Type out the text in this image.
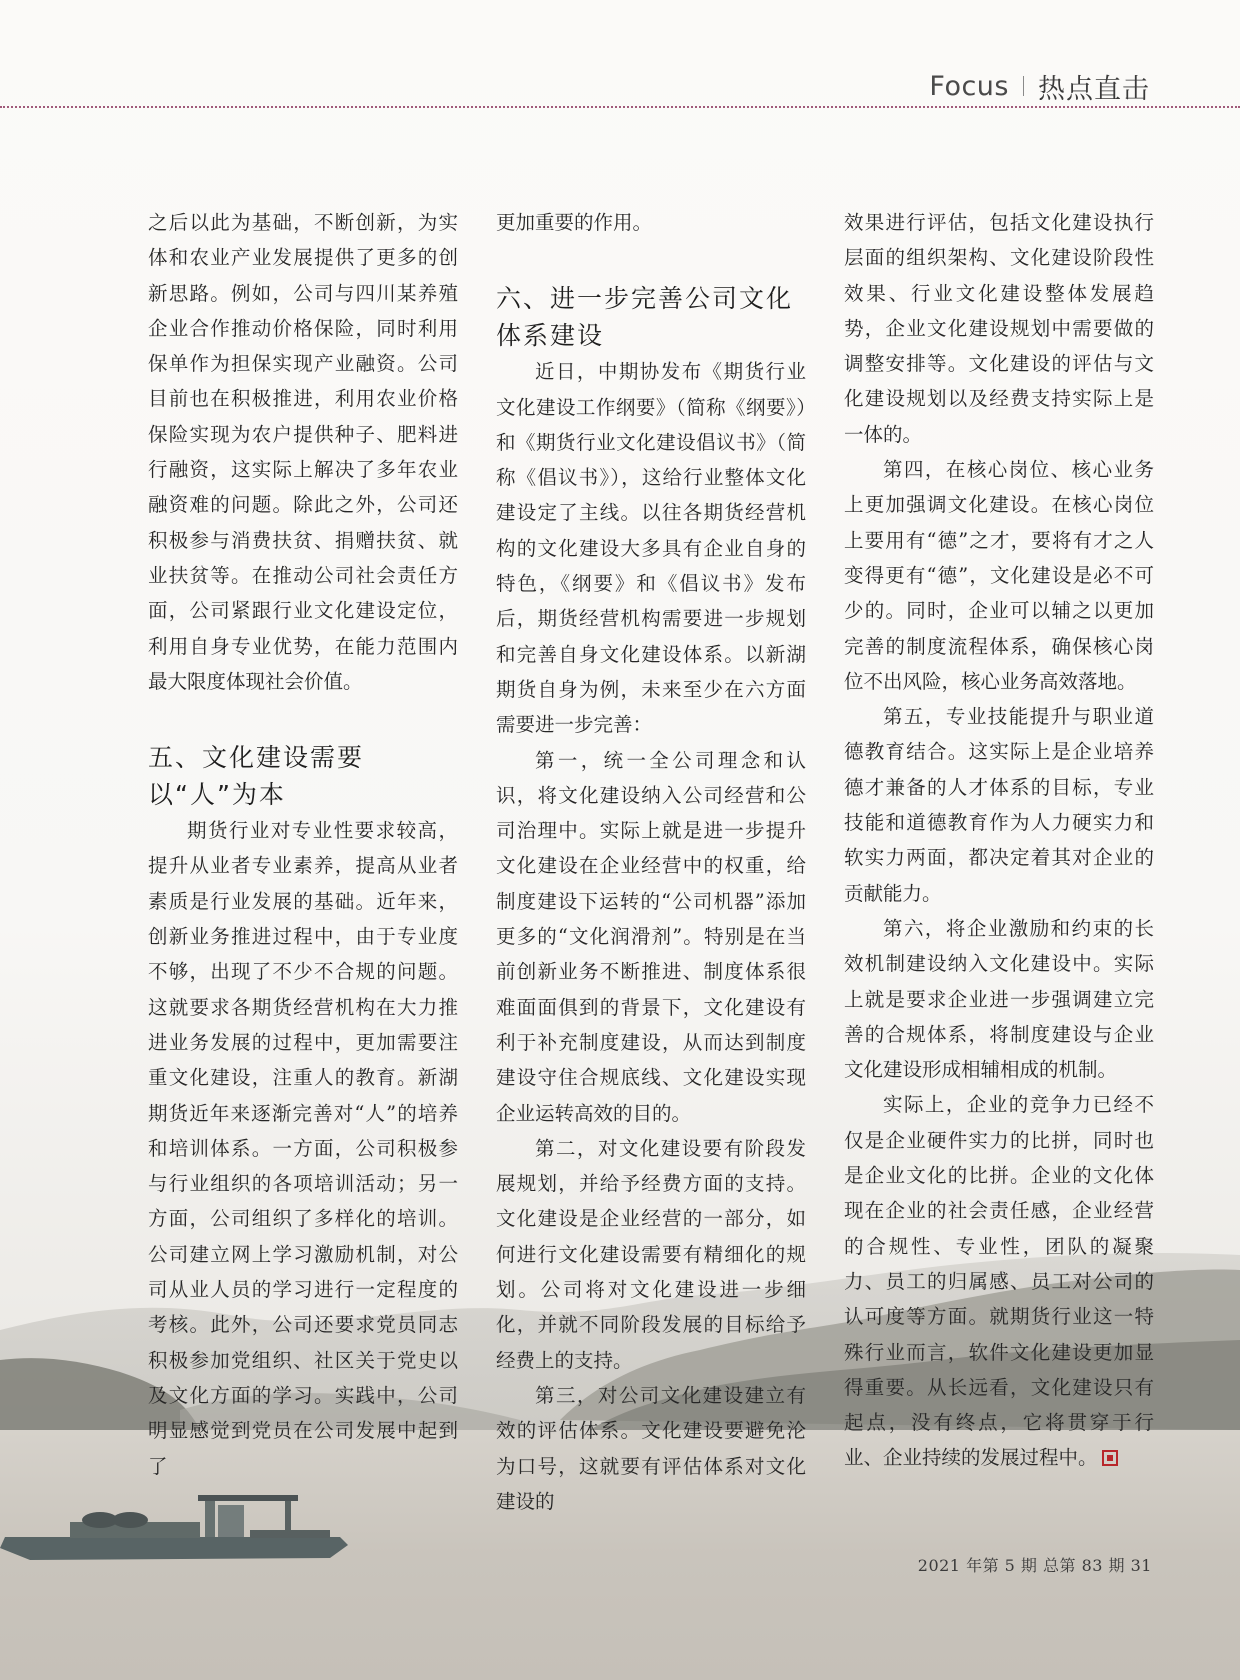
Focus 热点直击

之后以此为基础，不断创新，为实体和农业产业发展提供了更多的创新思路。例如，公司与四川某养殖企业合作推动价格保险，同时利用保单作为担保实现产业融资。公司目前也在积极推进，利用农业价格保险实现为农户提供种子、肥料进行融资，这实际上解决了多年农业融资难的问题。除此之外，公司还积极参与消费扶贫、捐赠扶贫、就业扶贫等。在推动公司社会责任方面，公司紧跟行业文化建设定位，利用自身专业优势，在能力范围内最大限度体现社会价值。

五、文化建设需要以“人”为本

期货行业对专业性要求较高，提升从业者专业素养，提高从业者素质是行业发展的基础。近年来，创新业务推进过程中，由于专业度不够，出现了不少不合规的问题。这就要求各期货经营机构在大力推进业务发展的过程中，更加需要注重文化建设，注重人的教育。新湖期货近年来逐渐完善对“人”的培养和培训体系。一方面，公司积极参与行业组织的各项培训活动；另一方面，公司组织了多样化的培训。公司建立网上学习激励机制，对公司从业人员的学习进行一定程度的考核。此外，公司还要求党员同志积极参加党组织、社区关于党史以及文化方面的学习。实践中，公司明显感觉到党员在公司发展中起到了

更加重要的作用。

六、进一步完善公司文化体系建设

近日，中期协发布《期货行业文化建设工作纲要》（简称《纲要》）和《期货行业文化建设倡议书》（简称《倡议书》），这给行业整体文化建设定了主线。以往各期货经营机构的文化建设大多具有企业自身的特色，《纲要》和《倡议书》发布后，期货经营机构需要进一步规划和完善自身文化建设体系。以新湖期货自身为例，未来至少在六方面需要进一步完善：

第一，统一全公司理念和认识，将文化建设纳入公司经营和公司治理中。实际上就是进一步提升文化建设在企业经营中的权重，给制度建设下运转的“公司机器”添加更多的“文化润滑剂”。特别是在当前创新业务不断推进、制度体系很难面面俱到的背景下，文化建设有利于补充制度建设，从而达到制度建设守住合规底线、文化建设实现企业运转高效的目的。

第二，对文化建设要有阶段发展规划，并给予经费方面的支持。文化建设是企业经营的一部分，如何进行文化建设需要有精细化的规划。公司将对文化建设进一步细化，并就不同阶段发展的目标给予经费上的支持。

第三，对公司文化建设建立有效的评估体系。文化建设要避免沦为口号，这就要有评估体系对文化建设的

效果进行评估，包括文化建设执行层面的组织架构、文化建设阶段性效果、行业文化建设整体发展趋势，企业文化建设规划中需要做的调整安排等。文化建设的评估与文化建设规划以及经费支持实际上是一体的。

第四，在核心岗位、核心业务上更加强调文化建设。在核心岗位上要用有“德”之才，要将有才之人变得更有“德”，文化建设是必不可少的。同时，企业可以辅之以更加完善的制度流程体系，确保核心岗位不出风险，核心业务高效落地。

第五，专业技能提升与职业道德教育结合。这实际上是企业培养德才兼备的人才体系的目标，专业技能和道德教育作为人力硬实力和软实力两面，都决定着其对企业的贡献能力。

第六，将企业激励和约束的长效机制建设纳入文化建设中。实际上就是要求企业进一步强调建立完善的合规体系，将制度建设与企业文化建设形成相辅相成的机制。

实际上，企业的竞争力已经不仅是企业硬件实力的比拼，同时也是企业文化的比拼。企业的文化体现在企业的社会责任感，企业经营的合规性、专业性，团队的凝聚力、员工的归属感、员工对公司的认可度等方面。就期货行业这一特殊行业而言，软件文化建设更加显得重要。从长远看，文化建设只有起点，没有终点，它将贯穿于行业、企业持续的发展过程中。

2021 年第 5 期 总第 83 期 31
